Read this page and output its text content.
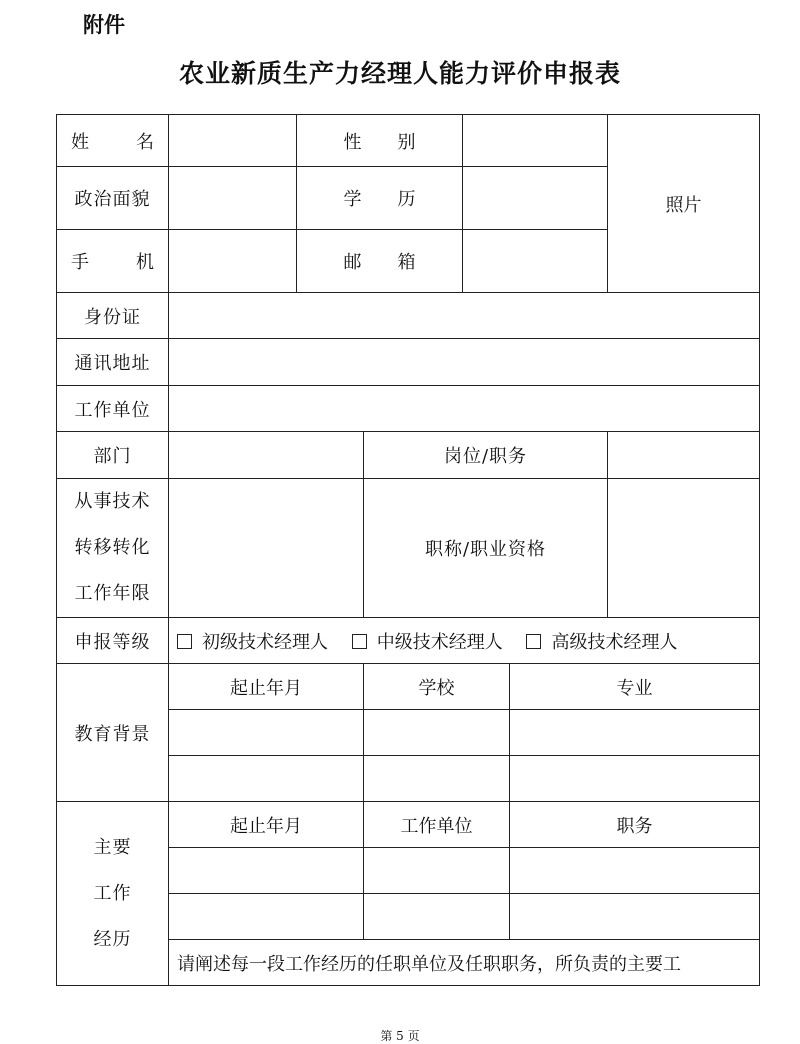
附件
农业新质生产力经理人能力评价申报表
姓 名		性   别				照片
政治面貌		学   历				

手 机		邮   箱				
身份证						
通讯地址						
工作单位						
部门			岗位/职务			

从事技术
转移转化
工作年限			职称/职业资格			
申报等级	初级技术经理人 中级技术经理人 高级技术经理人					
教育背景	起止年月		学校		专业	

主要
工作
经历	起止年月		工作单位		职务	

	请阐述每一段工作经历的任职单位及任职职务，所负责的主要工					
第 5 页
